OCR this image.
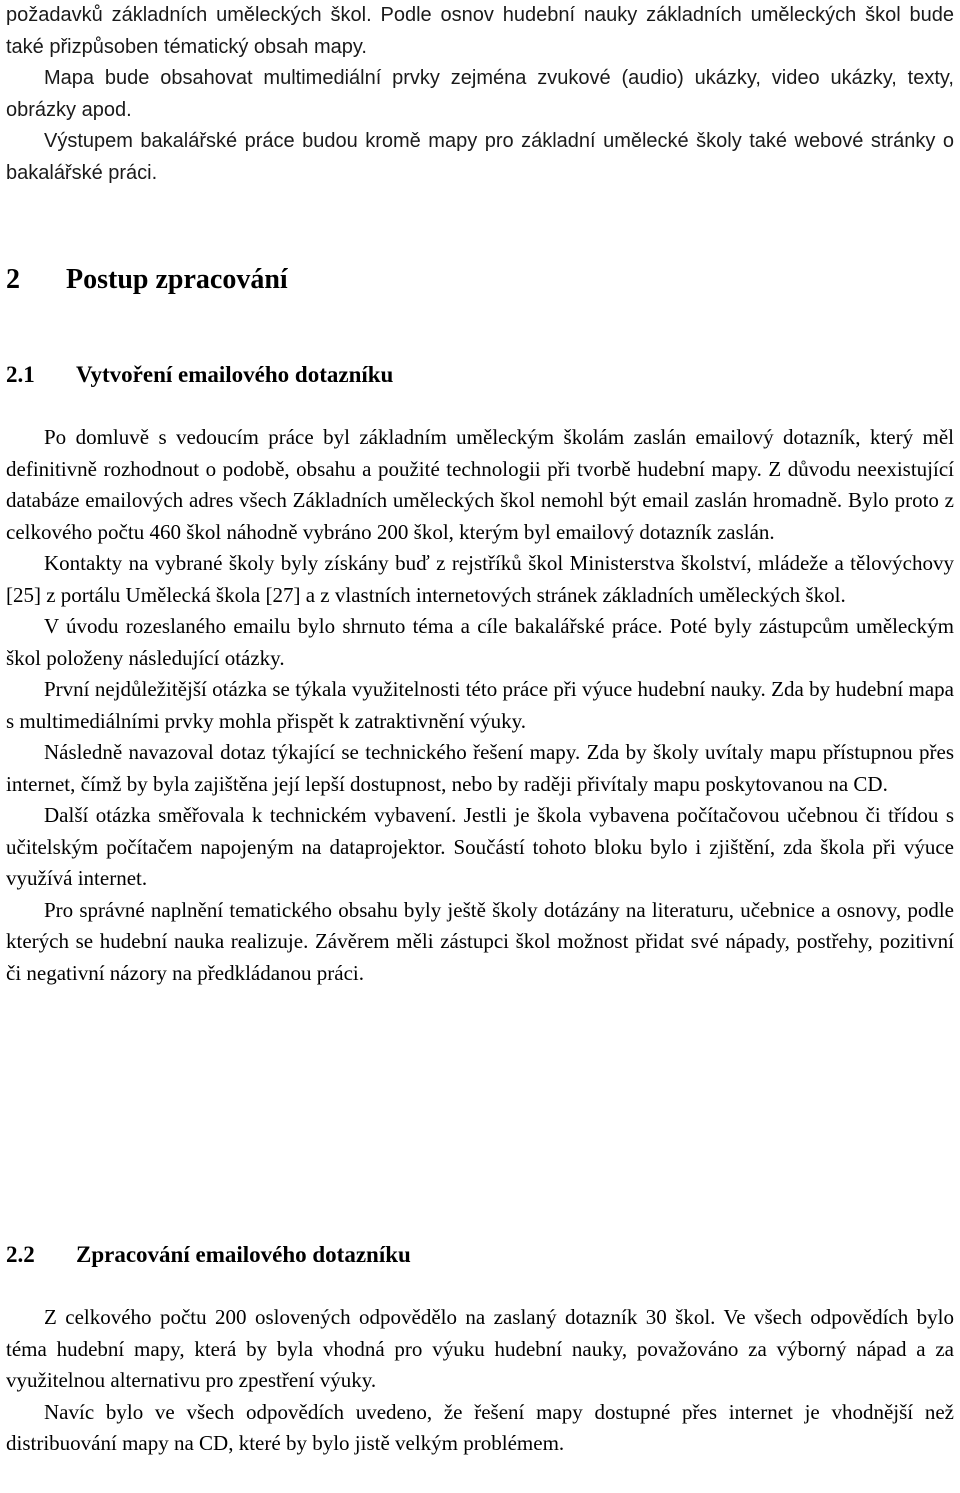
požadavků základních uměleckých škol. Podle osnov hudební nauky základních uměleckých škol bude také přizpůsoben tématický obsah mapy.

Mapa bude obsahovat multimediální prvky zejména zvukové (audio) ukázky, video ukázky, texty, obrázky apod.

Výstupem bakalářské práce budou kromě mapy pro základní umělecké školy také webové stránky o bakalářské práci.

2 Postup zpracování
2.1 Vytvoření emailového dotazníku

Po domluvě s vedoucím práce byl základním uměleckým školám zaslán emailový dotazník, který měl definitivně rozhodnout o podobě, obsahu a použité technologii při tvorbě hudební mapy. Z důvodu neexistující databáze emailových adres všech Základních uměleckých škol nemohl být email zaslán hromadně. Bylo proto z celkového počtu 460 škol náhodně vybráno 200 škol, kterým byl emailový dotazník zaslán.

Kontakty na vybrané školy byly získány buď z rejstříků škol Ministerstva školství, mládeže a tělovýchovy [25] z portálu Umělecká škola [27] a z vlastních internetových stránek základních uměleckých škol.

V úvodu rozeslaného emailu bylo shrnuto téma a cíle bakalářské práce. Poté byly zástupcům uměleckým škol položeny následující otázky.

První nejdůležitější otázka se týkala využitelnosti této práce při výuce hudební nauky. Zda by hudební mapa s multimediálními prvky mohla přispět k zatraktivnění výuky.

Následně navazoval dotaz týkající se technického řešení mapy. Zda by školy uvítaly mapu přístupnou přes internet, čímž by byla zajištěna její lepší dostupnost, nebo by raději přivítaly mapu poskytovanou na CD.

Další otázka směřovala k technickém vybavení. Jestli je škola vybavena počítačovou učebnou či třídou s učitelským počítačem napojeným na dataprojektor. Součástí tohoto bloku bylo i zjištění, zda škola při výuce využívá internet.

Pro správné naplnění tematického obsahu byly ještě školy dotázány na literaturu, učebnice a osnovy, podle kterých se hudební nauka realizuje. Závěrem měli zástupci škol možnost přidat své nápady, postřehy, pozitivní či negativní názory na předkládanou práci.

2.2 Zpracování emailového dotazníku

Z celkového počtu 200 oslovených odpovědělo na zaslaný dotazník 30 škol. Ve všech odpovědích bylo téma hudební mapy, která by byla vhodná pro výuku hudební nauky, považováno za výborný nápad a za využitelnou alternativu pro zpestření výuky.

Navíc bylo ve všech odpovědích uvedeno, že řešení mapy dostupné přes internet je vhodnější než distribuování mapy na CD, které by bylo jistě velkým problémem.
